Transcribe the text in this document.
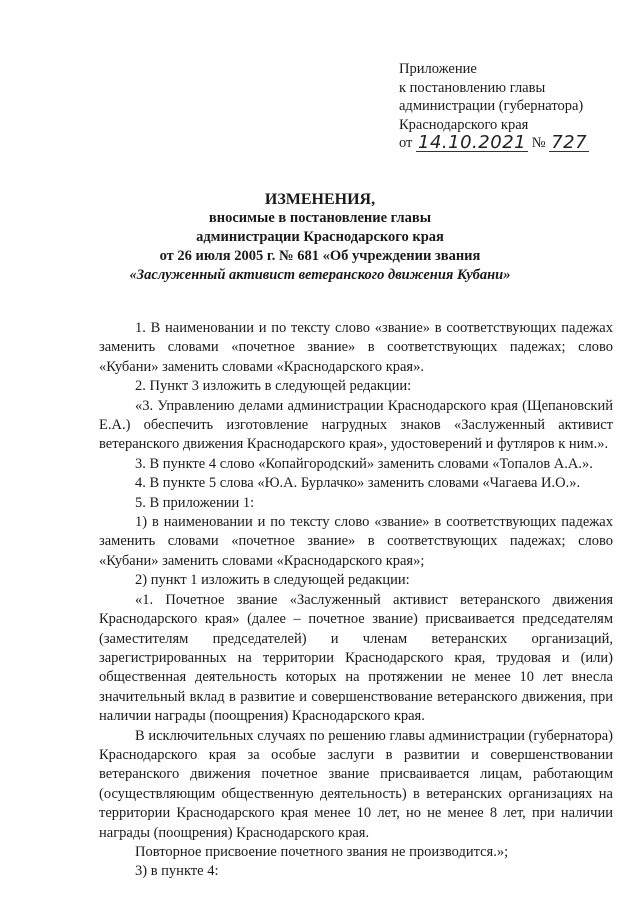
Приложение
к постановлению главы
администрации (губернатора)
Краснодарского края
от 14.10.2021 № 727
ИЗМЕНЕНИЯ,
вносимые в постановление главы
администрации Краснодарского края
от 26 июля 2005 г. № 681 «Об учреждении звания
«Заслуженный активист ветеранского движения Кубани»

1. В наименовании и по тексту слово «звание» в соответствующих падежах заменить словами «почетное звание» в соответствующих падежах; слово «Кубани» заменить словами «Краснодарского края».

2. Пункт 3 изложить в следующей редакции:

«3. Управлению делами администрации Краснодарского края (Щепановский Е.А.) обеспечить изготовление нагрудных знаков «Заслуженный активист ветеранского движения Краснодарского края», удостоверений и футляров к ним.».

3. В пункте 4 слово «Копайгородский» заменить словами «Топалов А.А.».

4. В пункте 5 слова «Ю.А. Бурлачко» заменить словами «Чагаева И.О.».

5. В приложении 1:

1) в наименовании и по тексту слово «звание» в соответствующих падежах заменить словами «почетное звание» в соответствующих падежах; слово «Кубани» заменить словами «Краснодарского края»;

2) пункт 1 изложить в следующей редакции:

«1. Почетное звание «Заслуженный активист ветеранского движения Краснодарского края» (далее – почетное звание) присваивается председателям (заместителям председателей) и членам ветеранских организаций, зарегистрированных на территории Краснодарского края, трудовая и (или) общественная деятельность которых на протяжении не менее 10 лет внесла значительный вклад в развитие и совершенствование ветеранского движения, при наличии награды (поощрения) Краснодарского края.

В исключительных случаях по решению главы администрации (губернатора) Краснодарского края за особые заслуги в развитии и совершенствовании ветеранского движения почетное звание присваивается лицам, работающим (осуществляющим общественную деятельность) в ветеранских организациях на территории Краснодарского края менее 10 лет, но не менее 8 лет, при наличии награды (поощрения) Краснодарского края.

Повторное присвоение почетного звания не производится.»;

3) в пункте 4:
